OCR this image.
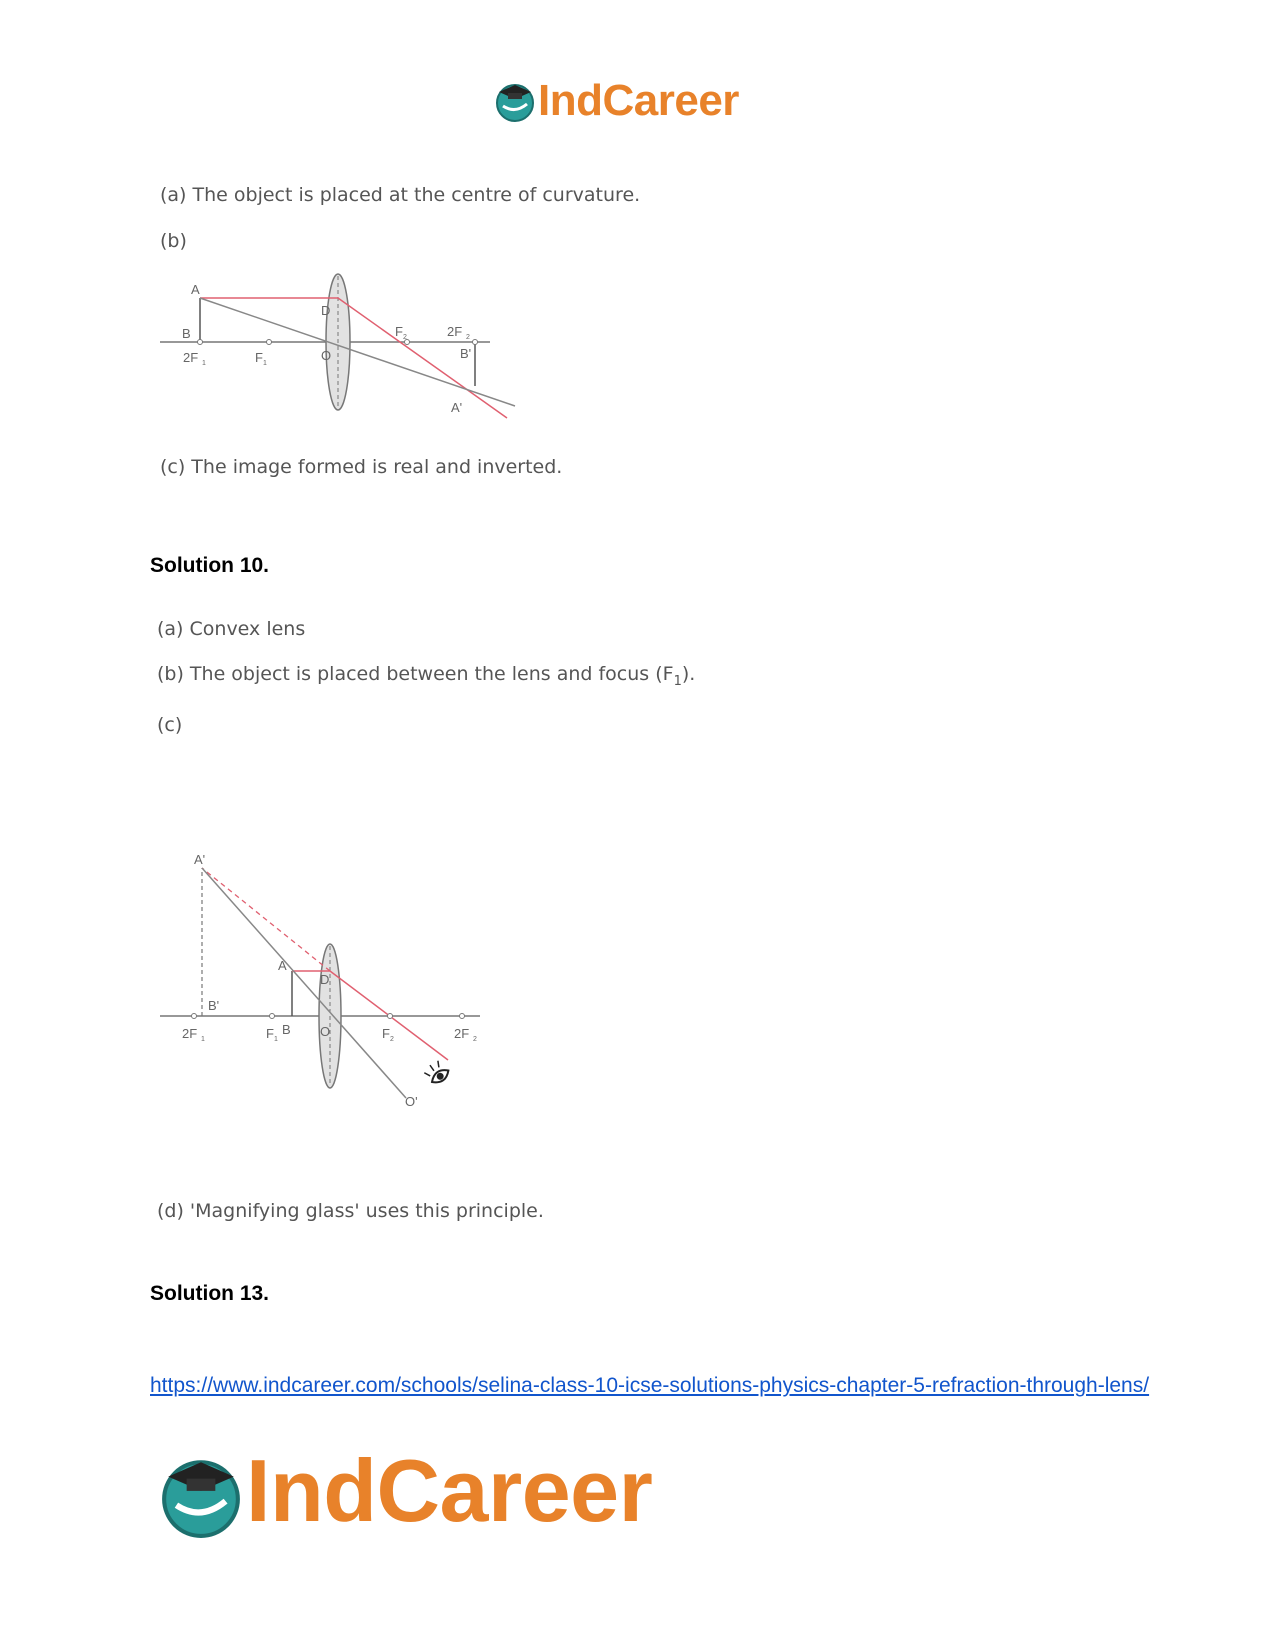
IndCareer
(a) The object is placed at the centre of curvature.
(b)
A
B
D
O
2F 1	F 1
F 2	2F 2
B'
A'
(c) The image formed is real and inverted.
Solution 10.
(a) Convex lens
(b) The object is placed between the lens and focus $(F_1)$.
(c)
A'
A
D
B'
2F 1	F 1
B O	F 2	2F 2
O'
(d) 'Magnifying glass' uses this principle.
Solution 13.
https://www.indcareer.com/schools/selina-class-10-icse-solutions-physics-chapter-5-refraction-through-lens/
IndCareer
